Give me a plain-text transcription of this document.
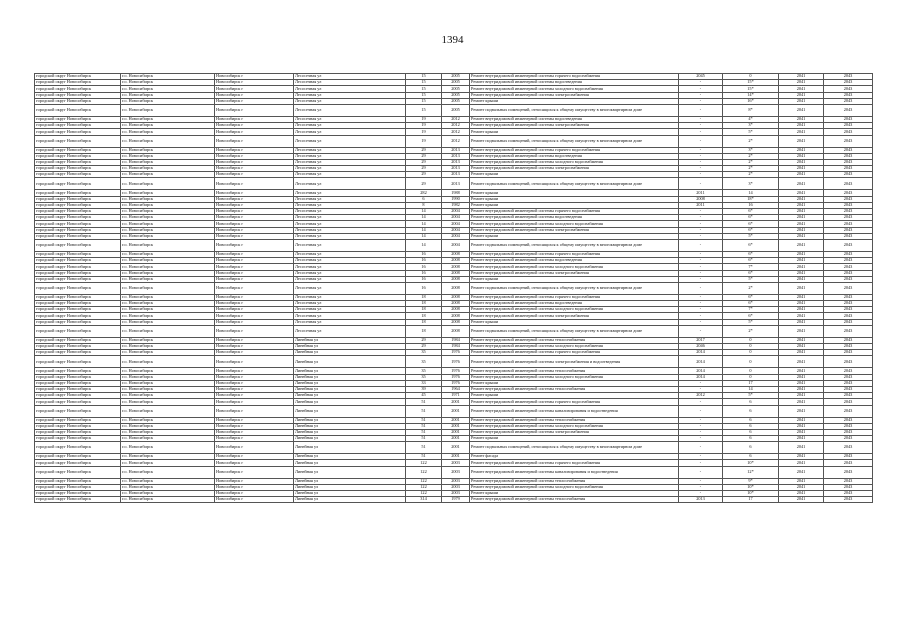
1394
городской округ Новосибирск	г.о. Новосибирск	Новосибирск г	Лесосечная ул	15	2005	Ремонт внутридомовой инженерной системы горячего водоснабжения	2045	0	2041	2043
городской округ Новосибирск	г.о. Новосибирск	Новосибирск г	Лесосечная ул	15	2005	Ремонт внутридомовой инженерной системы водоотведения	-	15*	2041	2043
городской округ Новосибирск	г.о. Новосибирск	Новосибирск г	Лесосечная ул	15	2005	Ремонт внутридомовой инженерной системы холодного водоснабжения	-	15*	2041	2043
городской округ Новосибирск	г.о. Новосибирск	Новосибирск г	Лесосечная ул	15	2005	Ремонт внутридомовой инженерной системы электроснабжения	-	14*	2041	2043
городской округ Новосибирск	г.о. Новосибирск	Новосибирск г	Лесосечная ул	15	2005	Ремонт крыши	-	16*	2041	2043
городской округ Новосибирск	г.о. Новосибирск	Новосибирск г	Лесосечная ул	15	2005	Ремонт подвальных помещений, относящихся к общему имуществу в многоквартирном доме	-	8*	2041	2043
городской округ Новосибирск	г.о. Новосибирск	Новосибирск г	Лесосечная ул	19	2012	Ремонт внутридомовой инженерной системы водоотведения	-	4*	2041	2043
городской округ Новосибирск	г.о. Новосибирск	Новосибирск г	Лесосечная ул	19	2012	Ремонт внутридомовой инженерной системы электроснабжения	-	3*	2041	2043
городской округ Новосибирск	г.о. Новосибирск	Новосибирск г	Лесосечная ул	19	2012	Ремонт крыши	-	5*	2041	2043
городской округ Новосибирск	г.о. Новосибирск	Новосибирск г	Лесосечная ул	19	2012	Ремонт подвальных помещений, относящихся к общему имуществу в многоквартирном доме	-	2*	2041	2043
городской округ Новосибирск	г.о. Новосибирск	Новосибирск г	Лесосечная ул	29	2013	Ремонт внутридомовой инженерной системы горячего водоснабжения	-	3*	2041	2043
городской округ Новосибирск	г.о. Новосибирск	Новосибирск г	Лесосечная ул	29	2013	Ремонт внутридомовой инженерной системы водоотведения	-	2*	2041	2043
городской округ Новосибирск	г.о. Новосибирск	Новосибирск г	Лесосечная ул	29	2013	Ремонт внутридомовой инженерной системы холодного водоснабжения	-	2*	2041	2043
городской округ Новосибирск	г.о. Новосибирск	Новосибирск г	Лесосечная ул	29	2013	Ремонт внутридомовой инженерной системы электроснабжения	-	2*	2041	2043
городской округ Новосибирск	г.о. Новосибирск	Новосибирск г	Лесосечная ул	29	2013	Ремонт крыши	-	2*	2041	2043
городской округ Новосибирск	г.о. Новосибирск	Новосибирск г	Лесосечная ул	29	2013	Ремонт подвальных помещений, относящихся к общему имуществу в многоквартирном доме	-	3*	2041	2043
городской округ Новосибирск	г.о. Новосибирск	Новосибирск г	Лесосечная ул	282	1988	Ремонт крыши	2011	14	2041	2043
городской округ Новосибирск	г.о. Новосибирск	Новосибирск г	Лесосечная ул	6	1990	Ремонт крыши	2008	18*	2041	2043
городской округ Новосибирск	г.о. Новосибирск	Новосибирск г	Лесосечная ул	8	1982	Ремонт крыши	2011	16	2041	2043
городской округ Новосибирск	г.о. Новосибирск	Новосибирск г	Лесосечная ул	14	2004	Ремонт внутридомовой инженерной системы горячего водоснабжения	-	6*	2041	2043
городской округ Новосибирск	г.о. Новосибирск	Новосибирск г	Лесосечная ул	14	2004	Ремонт внутридомовой инженерной системы водоотведения	-	6*	2041	2043
городской округ Новосибирск	г.о. Новосибирск	Новосибирск г	Лесосечная ул	14	2004	Ремонт внутридомовой инженерной системы холодного водоснабжения	-	6*	2041	2043
городской округ Новосибирск	г.о. Новосибирск	Новосибирск г	Лесосечная ул	14	2004	Ремонт внутридомовой инженерной системы электроснабжения	-	6*	2041	2043
городской округ Новосибирск	г.о. Новосибирск	Новосибирск г	Лесосечная ул	14	2004	Ремонт крыши	-	5*	2041	2043
городской округ Новосибирск	г.о. Новосибирск	Новосибирск г	Лесосечная ул	14	2004	Ремонт подвальных помещений, относящихся к общему имуществу в многоквартирном доме	-	6*	2041	2043
городской округ Новосибирск	г.о. Новосибирск	Новосибирск г	Лесосечная ул	16	2008	Ремонт внутридомовой инженерной системы горячего водоснабжения	-	6*	2041	2043
городской округ Новосибирск	г.о. Новосибирск	Новосибирск г	Лесосечная ул	16	2008	Ремонт внутридомовой инженерной системы водоотведения	-	6*	2041	2043
городской округ Новосибирск	г.о. Новосибирск	Новосибирск г	Лесосечная ул	16	2008	Ремонт внутридомовой инженерной системы холодного водоснабжения	-	7*	2041	2043
городской округ Новосибирск	г.о. Новосибирск	Новосибирск г	Лесосечная ул	16	2008	Ремонт внутридомовой инженерной системы электроснабжения	-	6*	2041	2043
городской округ Новосибирск	г.о. Новосибирск	Новосибирск г	Лесосечная ул	16	2008	Ремонт крыши	-	5*	2041	2043
городской округ Новосибирск	г.о. Новосибирск	Новосибирск г	Лесосечная ул	16	2008	Ремонт подвальных помещений, относящихся к общему имуществу в многоквартирном доме	-	2*	2041	2043
городской округ Новосибирск	г.о. Новосибирск	Новосибирск г	Лесосечная ул	18	2008	Ремонт внутридомовой инженерной системы горячего водоснабжения	-	6*	2041	2043
городской округ Новосибирск	г.о. Новосибирск	Новосибирск г	Лесосечная ул	18	2008	Ремонт внутридомовой инженерной системы водоотведения	-	6*	2041	2043
городской округ Новосибирск	г.о. Новосибирск	Новосибирск г	Лесосечная ул	18	2008	Ремонт внутридомовой инженерной системы холодного водоснабжения	-	7*	2041	2043
городской округ Новосибирск	г.о. Новосибирск	Новосибирск г	Лесосечная ул	18	2008	Ремонт внутридомовой инженерной системы электроснабжения	-	6*	2041	2043
городской округ Новосибирск	г.о. Новосибирск	Новосибирск г	Лесосечная ул	18	2008	Ремонт крыши	-	5*	2041	2043
городской округ Новосибирск	г.о. Новосибирск	Новосибирск г	Лесосечная ул	18	2008	Ремонт подвальных помещений, относящихся к общему имуществу в многоквартирном доме	-	2*	2041	2043
городской округ Новосибирск	г.о. Новосибирск	Новосибирск г	Линейная ул	29	1984	Ремонт внутридомовой инженерной системы теплоснабжения	2017	0	2041	2043
городской округ Новосибирск	г.о. Новосибирск	Новосибирск г	Линейная ул	29	1984	Ремонт внутридомовой инженерной системы холодного водоснабжения	2046	0	2041	2043
городской округ Новосибирск	г.о. Новосибирск	Новосибирск г	Линейная ул	35	1976	Ремонт внутридомовой инженерной системы горячего водоснабжения	2014	0	2041	2043
городской округ Новосибирск	г.о. Новосибирск	Новосибирск г	Линейная ул	35	1976	Ремонт внутридомовой инженерной системы электроснабжения и водоотведения	2014	0	2041	2043
городской округ Новосибирск	г.о. Новосибирск	Новосибирск г	Линейная ул	35	1976	Ремонт внутридомовой инженерной системы теплоснабжения	2014	0	2041	2043
городской округ Новосибирск	г.о. Новосибирск	Новосибирск г	Линейная ул	35	1976	Ремонт внутридомовой инженерной системы холодного водоснабжения	2014	0	2041	2043
городской округ Новосибирск	г.о. Новосибирск	Новосибирск г	Линейная ул	33	1976	Ремонт крыши	-	17	2041	2043
городской округ Новосибирск	г.о. Новосибирск	Новосибирск г	Линейная ул	39	1964	Ремонт внутридомовой инженерной системы теплоснабжения	-	14	2041	2043
городской округ Новосибирск	г.о. Новосибирск	Новосибирск г	Линейная ул	45	1971	Ремонт крыши	2012	5*	2041	2043
городской округ Новосибирск	г.о. Новосибирск	Новосибирск г	Линейная ул	51	2001	Ремонт внутридомовой инженерной системы горячего водоснабжения	-	6	2041	2043
городской округ Новосибирск	г.о. Новосибирск	Новосибирск г	Линейная ул	51	2001	Ремонт внутридомовой инженерной системы канализирования и водоотведения	-	6	2041	2043
городской округ Новосибирск	г.о. Новосибирск	Новосибирск г	Линейная ул	51	2001	Ремонт внутридомовой инженерной системы теплоснабжения	-	6	2041	2043
городской округ Новосибирск	г.о. Новосибирск	Новосибирск г	Линейная ул	51	2001	Ремонт внутридомовой инженерной системы холодного водоснабжения	-	6	2041	2043
городской округ Новосибирск	г.о. Новосибирск	Новосибирск г	Линейная ул	51	2001	Ремонт внутридомовой инженерной системы электроснабжения	-	6	2041	2043
городской округ Новосибирск	г.о. Новосибирск	Новосибирск г	Линейная ул	51	2001	Ремонт крыши	-	6	2041	2043
городской округ Новосибирск	г.о. Новосибирск	Новосибирск г	Линейная ул	51	2001	Ремонт подвальных помещений, относящихся к общему имуществу в многоквартирном доме	-	6	2041	2043
городской округ Новосибирск	г.о. Новосибирск	Новосибирск г	Линейная ул	51	2001	Ремонт фасада	-	6	2041	2043
городской округ Новосибирск	г.о. Новосибирск	Новосибирск г	Линейная ул	122	2003	Ремонт внутридомовой инженерной системы горячего водоснабжения	-	10*	2041	2043
городской округ Новосибирск	г.о. Новосибирск	Новосибирск г	Линейная ул	122	2003	Ремонт внутридомовой инженерной системы канализирования и водоотведения	-	12*	2041	2043
городской округ Новосибирск	г.о. Новосибирск	Новосибирск г	Линейная ул	122	2003	Ремонт внутридомовой инженерной системы теплоснабжения	-	9*	2041	2043
городской округ Новосибирск	г.о. Новосибирск	Новосибирск г	Линейная ул	122	2003	Ремонт внутридомовой инженерной системы холодного водоснабжения	-	10*	2041	2043
городской округ Новосибирск	г.о. Новосибирск	Новосибирск г	Линейная ул	122	2003	Ремонт крыши	-	10*	2041	2043
городской округ Новосибирск	г.о. Новосибирск	Новосибирск г	Линейная ул	314	1979	Ремонт внутридомовой инженерной системы теплоснабжения	2013	17	2041	2043
